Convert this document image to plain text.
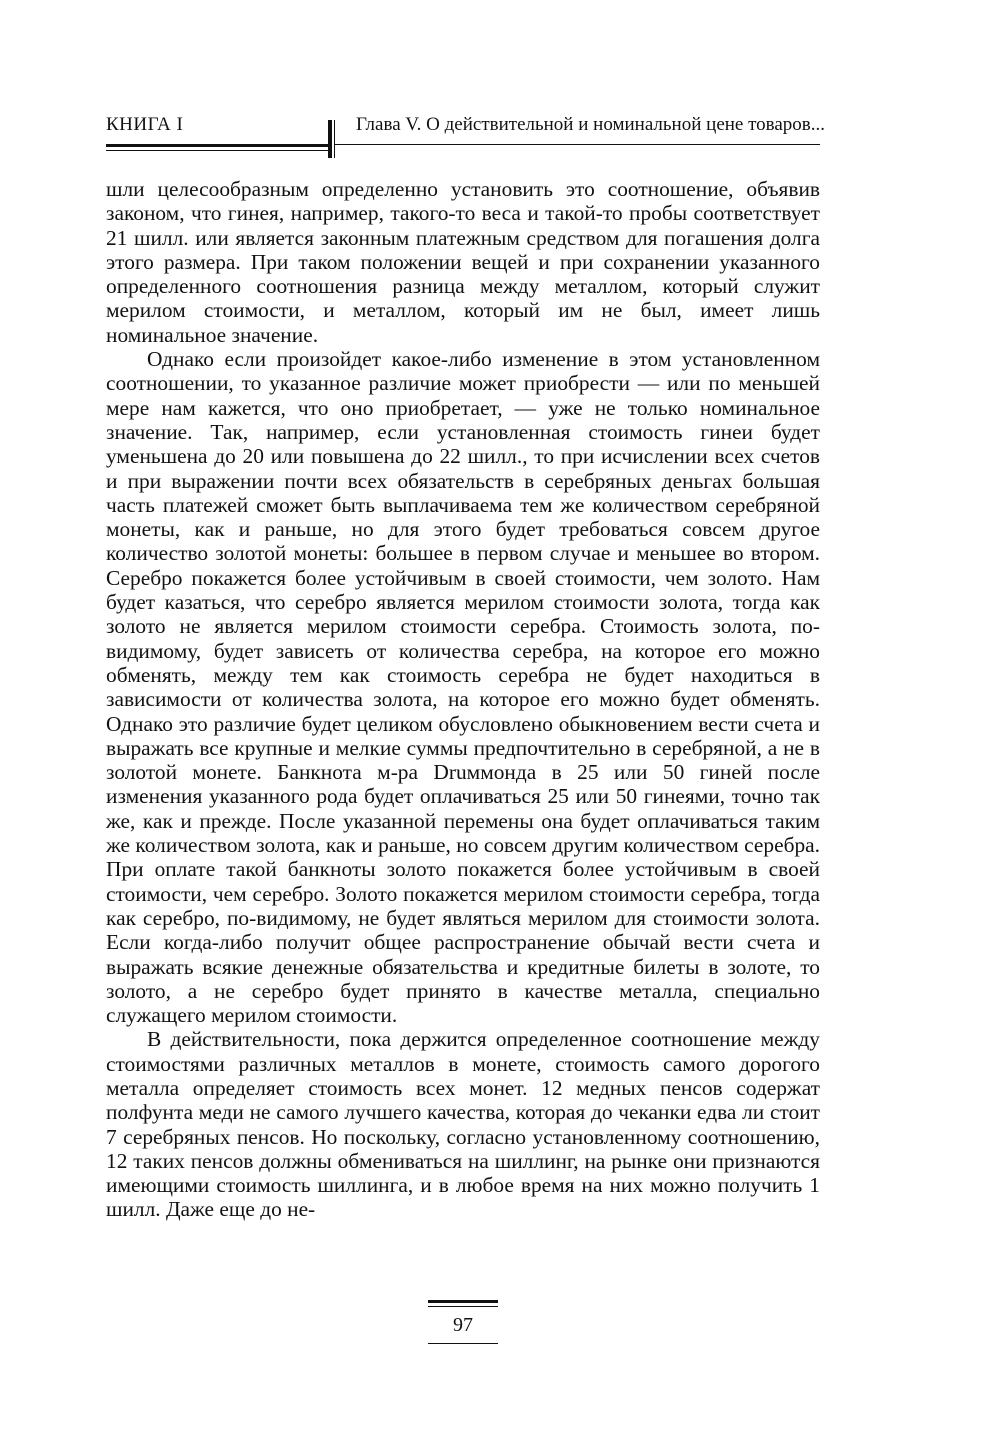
КНИГА I	Глава V. О действительной и номинальной цене товаров...

шли целесообразным определенно установить это соотношение, объявив законом, что гинея, например, такого-то веса и такой-то пробы соответствует 21 шилл. или является законным платежным средством для погашения долга этого размера. При таком положении вещей и при сохранении указанного определенного соотношения разница между металлом, который служит мерилом стоимости, и металлом, который им не был, имеет лишь номинальное значение.

Однако если произойдет какое-либо изменение в этом установленном соотношении, то указанное различие может приобрести — или по меньшей мере нам кажется, что оно приобретает, — уже не только номинальное значение. Так, например, если установленная стоимость гинеи будет уменьшена до 20 или повышена до 22 шилл., то при исчислении всех счетов и при выражении почти всех обязательств в серебряных деньгах большая часть платежей сможет быть выплачиваема тем же количеством серебряной монеты, как и раньше, но для этого будет требоваться совсем другое количество золотой монеты: большее в первом случае и меньшее во втором. Серебро покажется более устойчивым в своей стоимости, чем золото. Нам будет казаться, что серебро является мерилом стоимости золота, тогда как золото не является мерилом стоимости серебра. Стоимость золота, по-видимому, будет зависеть от количества серебра, на которое его можно обменять, между тем как стоимость серебра не будет находиться в зависимости от количества золота, на которое его можно будет обменять. Однако это различие будет целиком обусловлено обыкновением вести счета и выражать все крупные и мелкие суммы предпочтительно в серебряной, а не в золотой монете. Банкнота м-ра Druммонда в 25 или 50 гиней после изменения указанного рода будет оплачиваться 25 или 50 гинеями, точно так же, как и прежде. После указанной перемены она будет оплачиваться таким же количеством золота, как и раньше, но совсем другим количеством серебра. При оплате такой банкноты золото покажется более устойчивым в своей стоимости, чем серебро. Золото покажется мерилом стоимости серебра, тогда как серебро, по-видимому, не будет являться мерилом для стоимости золота. Если когда-либо получит общее распространение обычай вести счета и выражать всякие денежные обязательства и кредитные билеты в золоте, то золото, а не серебро будет принято в качестве металла, специально служащего мерилом стоимости.

В действительности, пока держится определенное соотношение между стоимостями различных металлов в монете, стоимость самого дорогого металла определяет стоимость всех монет. 12 медных пенсов содержат полфунта меди не самого лучшего качества, которая до чеканки едва ли стоит 7 серебряных пенсов. Но поскольку, согласно установленному соотношению, 12 таких пенсов должны обмениваться на шиллинг, на рынке они признаются имеющими стоимость шиллинга, и в любое время на них можно получить 1 шилл. Даже еще до не-

97
